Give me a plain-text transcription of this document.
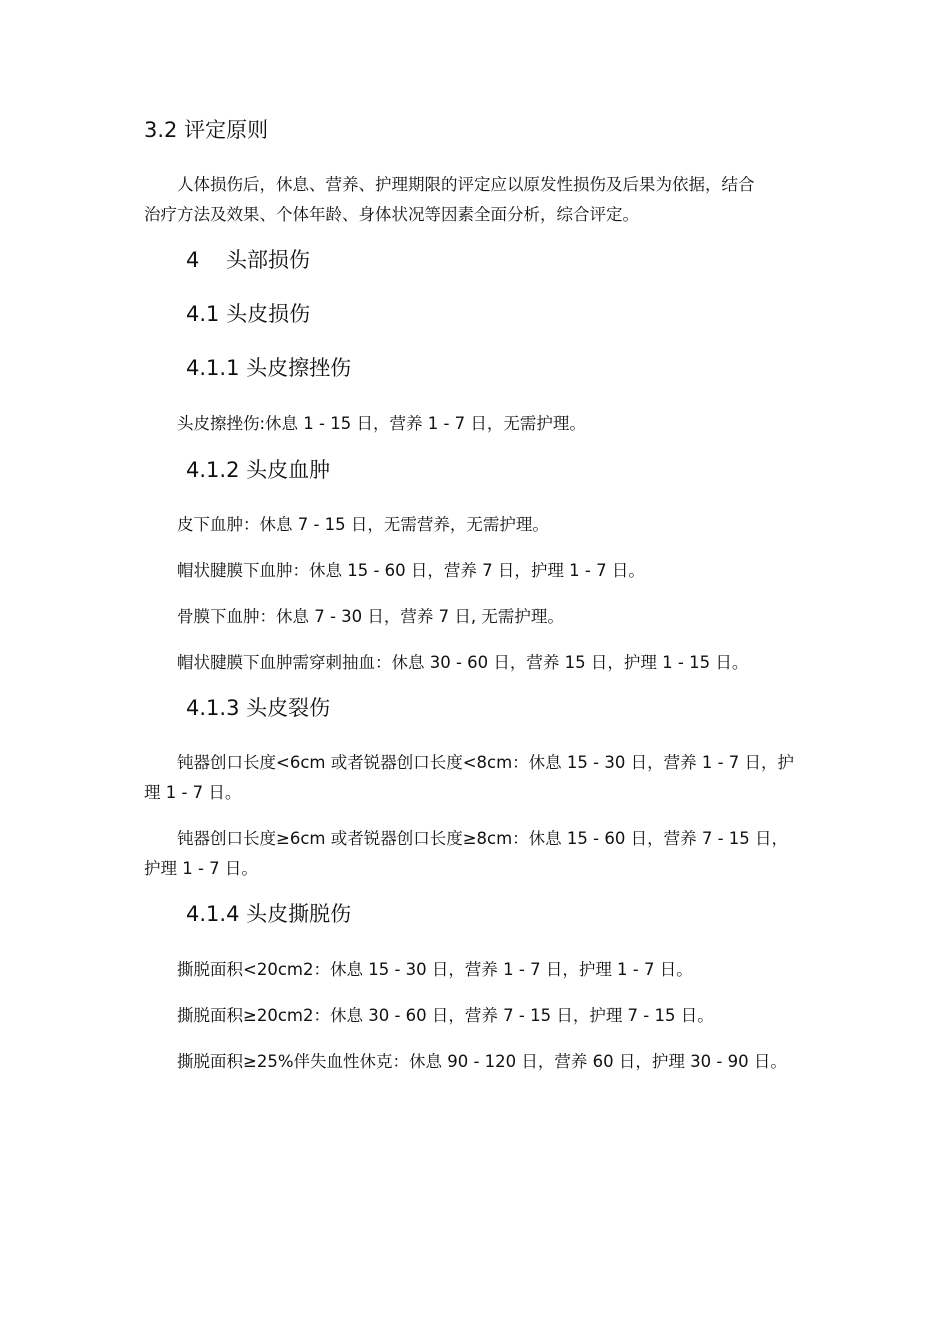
3.2 评定原则
人体损伤后，休息、营养、护理期限的评定应以原发性损伤及后果为依据，结合
治疗方法及效果、个体年龄、身体状况等因素全面分析，综合评定。
4    头部损伤
4.1 头皮损伤
4.1.1 头皮擦挫伤
头皮擦挫伤:休息 1 - 15 日，营养 1 - 7 日，无需护理。
4.1.2 头皮血肿
皮下血肿：休息 7 - 15 日，无需营养，无需护理。
帽状腱膜下血肿：休息 15 - 60 日，营养 7 日，护理 1 - 7 日。
骨膜下血肿：休息 7 - 30 日，营养 7 日, 无需护理。
帽状腱膜下血肿需穿刺抽血：休息 30 - 60 日，营养 15 日，护理 1 - 15 日。
4.1.3 头皮裂伤
钝器创口长度<6cm 或者锐器创口长度<8cm：休息 15 - 30 日，营养 1 - 7 日，护
理 1 - 7 日。
钝器创口长度≥6cm 或者锐器创口长度≥8cm：休息 15 - 60 日，营养 7 - 15 日，
护理 1 - 7 日。
4.1.4 头皮撕脱伤
撕脱面积<20cm2：休息 15 - 30 日，营养 1 - 7 日，护理 1 - 7 日。
撕脱面积≥20cm2：休息 30 - 60 日，营养 7 - 15 日，护理 7 - 15 日。
撕脱面积≥25%伴失血性休克：休息 90 - 120 日，营养 60 日，护理 30 - 90 日。
